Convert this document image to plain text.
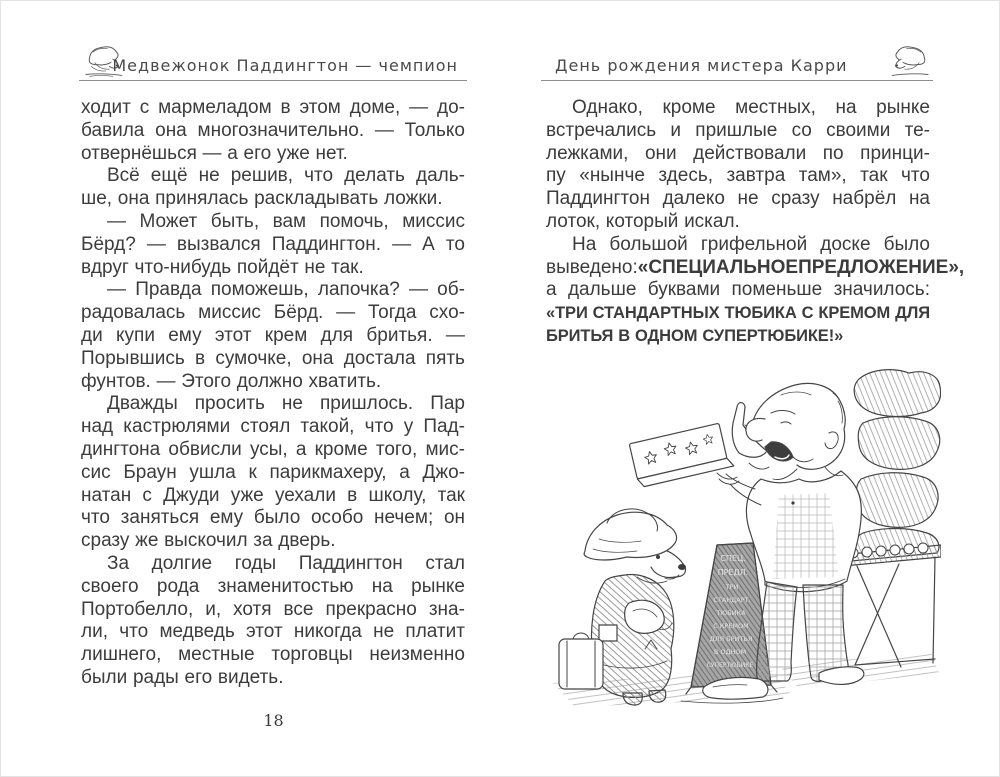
Медвежонок Паддингтон — чемпион	День рождения мистера Карри
ходит с мармеладом в этом доме, — до-
бавила она многозначительно. — Только
отвернёшься — а его уже нет.
Всё ещё не решив, что делать даль-
ше, она принялась раскладывать ложки.
— Может быть, вам помочь, миссис
Бёрд? — вызвался Паддингтон. — А то
вдруг что-нибудь пойдёт не так.
— Правда поможешь, лапочка? — об-
радовалась миссис Бёрд. — Тогда схо-
ди купи ему этот крем для бритья. —
Порывшись в сумочке, она достала пять
фунтов. — Этого должно хватить.
Дважды просить не пришлось. Пар
над кастрюлями стоял такой, что у Пад-
дингтона обвисли усы, а кроме того, мис-
сис Браун ушла к парикмахеру, а Джо-
натан с Джуди уже уехали в школу, так
что заняться ему было особо нечем; он
сразу же выскочил за дверь.
За долгие годы Паддингтон стал
своего рода знаменитостью на рынке
Портобелло, и, хотя все прекрасно зна-
ли, что медведь этот никогда не платит
лишнего, местные торговцы неизменно
были рады его видеть.
Однако, кроме местных, на рынке
встречались и пришлые со своими те-
лежками, они действовали по принци-
пу «нынче здесь, завтра там», так что
Паддингтон далеко не сразу набрёл на
лоток, который искал.
На большой грифельной доске было
выведено: «СПЕЦИАЛЬНОЕ ПРЕДЛОЖЕНИЕ»,
а дальше буквами поменьше значилось:
«ТРИ СТАНДАРТНЫХ ТЮБИКА С КРЕМОМ ДЛЯ
БРИТЬЯ В ОДНОМ СУПЕРТЮБИКЕ!»
18
СПЕЦ.
ПРЕДЛ.
ТРИ
СТАНДАРТ.
ТЮБИКА
С КРЕМОМ
ДЛЯ БРИТЬЯ
В ОДНОМ
СУПЕРТЮБИКЕ
